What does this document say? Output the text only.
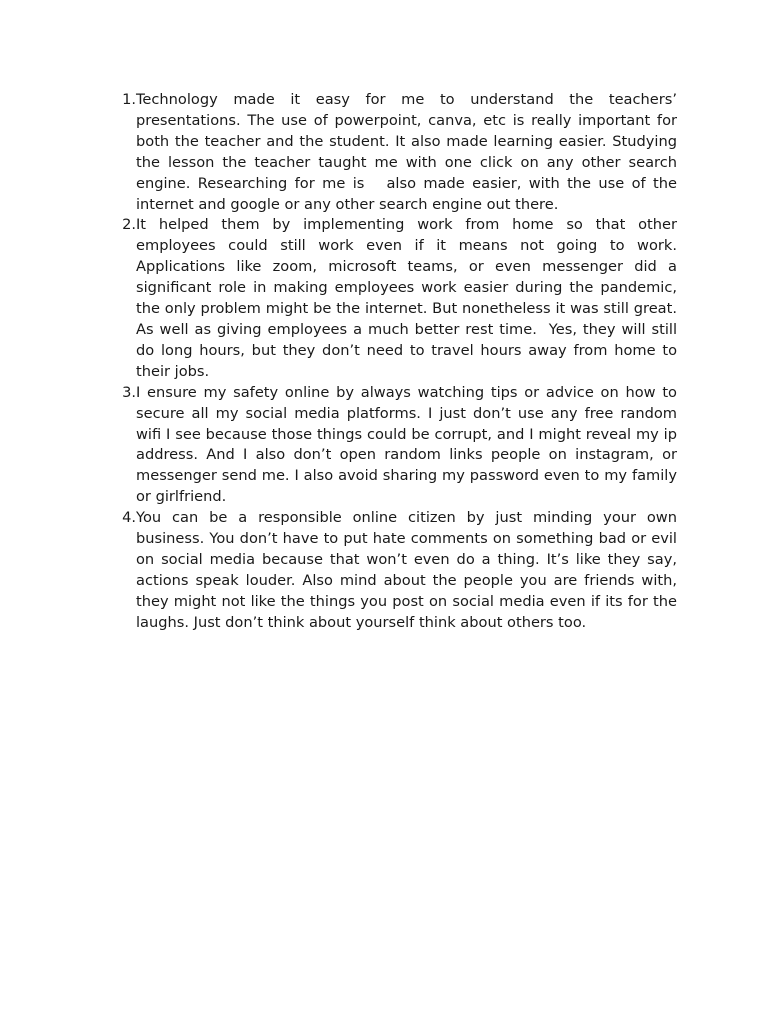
1. Technology made it easy for me to understand the teachers’ presentations. The use of powerpoint, canva, etc is really important for both the teacher and the student. It also made learning easier. Studying the lesson the teacher taught me with one click on any other search engine. Researching for me is   also made easier, with the use of the internet and google or any other search engine out there.
2. It helped them by implementing work from home so that other employees could still work even if it means not going to work. Applications like zoom, microsoft teams, or even messenger did a significant role in making employees work easier during the pandemic, the only problem might be the internet. But nonetheless it was still great. As well as giving employees a much better rest time.  Yes, they will still do long hours, but they don’t need to travel hours away from home to their jobs.
3. I ensure my safety online by always watching tips or advice on how to secure all my social media platforms. I just don’t use any free random wifi I see because those things could be corrupt, and I might reveal my ip address. And I also don’t open random links people on instagram, or messenger send me. I also avoid sharing my password even to my family or girlfriend.
4. You can be a responsible online citizen by just minding your own business. You don’t have to put hate comments on something bad or evil on social media because that won’t even do a thing. It’s like they say, actions speak louder. Also mind about the people you are friends with, they might not like the things you post on social media even if its for the laughs. Just don’t think about yourself think about others too.
